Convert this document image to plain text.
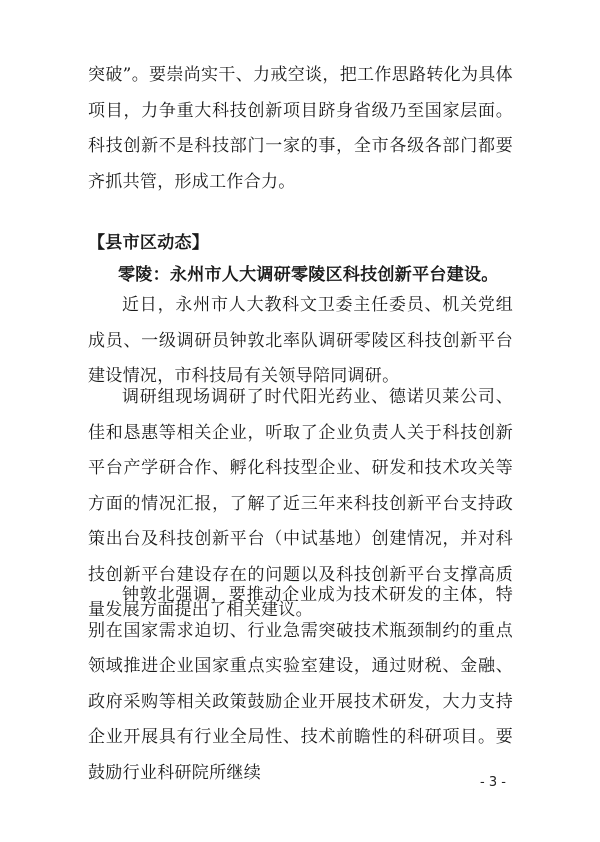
突破”。要崇尚实干、力戒空谈，把工作思路转化为具体项目，力争重大科技创新项目跻身省级乃至国家层面。科技创新不是科技部门一家的事，全市各级各部门都要齐抓共管，形成工作合力。

【县市区动态】
零陵：永州市人大调研零陵区科技创新平台建设。

近日，永州市人大教科文卫委主任委员、机关党组成员、一级调研员钟敦北率队调研零陵区科技创新平台建设情况，市科技局有关领导陪同调研。

调研组现场调研了时代阳光药业、德诺贝莱公司、佳和恳惠等相关企业，听取了企业负责人关于科技创新平台产学研合作、孵化科技型企业、研发和技术攻关等方面的情况汇报，了解了近三年来科技创新平台支持政策出台及科技创新平台（中试基地）创建情况，并对科技创新平台建设存在的问题以及科技创新平台支撑高质量发展方面提出了相关建议。

钟敦北强调，要推动企业成为技术研发的主体，特别在国家需求迫切、行业急需突破技术瓶颈制约的重点领域推进企业国家重点实验室建设，通过财税、金融、政府采购等相关政策鼓励企业开展技术研发，大力支持企业开展具有行业全局性、技术前瞻性的科研项目。要鼓励行业科研院所继续	- 3 -
